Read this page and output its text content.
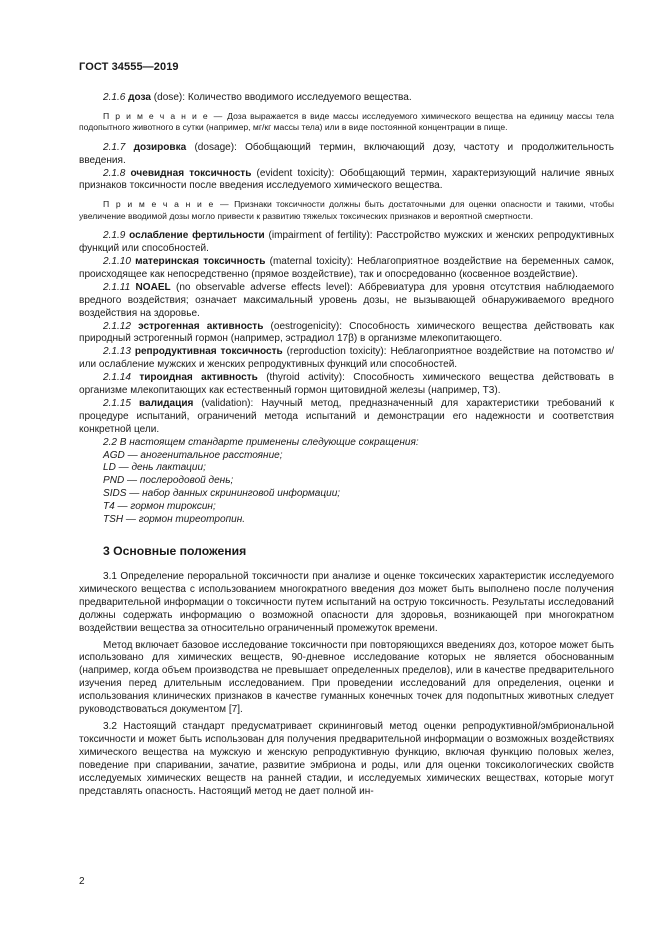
ГОСТ 34555—2019

2.1.6 доза (dose): Количество вводимого исследуемого вещества.

П р и м е ч а н и е — Доза выражается в виде массы исследуемого химического вещества на единицу массы тела подопытного животного в сутки (например, мг/кг массы тела) или в виде постоянной концентрации в пище.

2.1.7 дозировка (dosage): Обобщающий термин, включающий дозу, частоту и продолжительность введения.

2.1.8 очевидная токсичность (evident toxicity): Обобщающий термин, характеризующий наличие явных признаков токсичности после введения исследуемого химического вещества.

П р и м е ч а н и е — Признаки токсичности должны быть достаточными для оценки опасности и такими, чтобы увеличение вводимой дозы могло привести к развитию тяжелых токсических признаков и вероятной смертности.

2.1.9 ослабление фертильности (impairment of fertility): Расстройство мужских и женских репродуктивных функций или способностей.

2.1.10 материнская токсичность (maternal toxicity): Неблагоприятное воздействие на беременных самок, происходящее как непосредственно (прямое воздействие), так и опосредованно (косвенное воздействие).

2.1.11 NOAEL (no observable adverse effects level): Аббревиатура для уровня отсутствия наблюдаемого вредного воздействия; означает максимальный уровень дозы, не вызывающей обнаруживаемого вредного воздействия на здоровье.

2.1.12 эстрогенная активность (oestrogenicity): Способность химического вещества действовать как природный эстрогенный гормон (например, эстрадиол 17β) в организме млекопитающего.

2.1.13 репродуктивная токсичность (reproduction toxicity): Неблагоприятное воздействие на потомство и/или ослабление мужских и женских репродуктивных функций или способностей.

2.1.14 тироидная активность (thyroid activity): Способность химического вещества действовать в организме млекопитающих как естественный гормон щитовидной железы (например, Т3).

2.1.15 валидация (validation): Научный метод, предназначенный для характеристики требований к процедуре испытаний, ограничений метода испытаний и демонстрации его надежности и соответствия конкретной цели.

2.2 В настоящем стандарте применены следующие сокращения:

AGD — аногенитальное расстояние;

LD — день лактации;

PND — послеродовой день;

SIDS — набор данных скрининговой информации;

T4 — гормон тироксин;

TSH — гормон тиреотропин.

3 Основные положения

3.1 Определение пероральной токсичности при анализе и оценке токсических характеристик исследуемого химического вещества с использованием многократного введения доз может быть выполнено после получения предварительной информации о токсичности путем испытаний на острую токсичность. Результаты исследований должны содержать информацию о возможной опасности для здоровья, возникающей при многократном воздействии вещества за относительно ограниченный промежуток времени.

Метод включает базовое исследование токсичности при повторяющихся введениях доз, которое может быть использовано для химических веществ, 90-дневное исследование которых не является обоснованным (например, когда объем производства не превышает определенных пределов), или в качестве предварительного изучения перед длительным исследованием. При проведении исследований для определения, оценки и использования клинических признаков в качестве гуманных конечных точек для подопытных животных следует руководствоваться документом [7].

3.2 Настоящий стандарт предусматривает скрининговый метод оценки репродуктивной/эмбриональной токсичности и может быть использован для получения предварительной информации о возможных воздействиях химического вещества на мужскую и женскую репродуктивную функцию, включая функцию половых желез, поведение при спаривании, зачатие, развитие эмбриона и роды, или для оценки токсикологических свойств исследуемых химических веществ на ранней стадии, и исследуемых химических веществах, которые могут представлять опасность. Настоящий метод не дает полной ин-

2
